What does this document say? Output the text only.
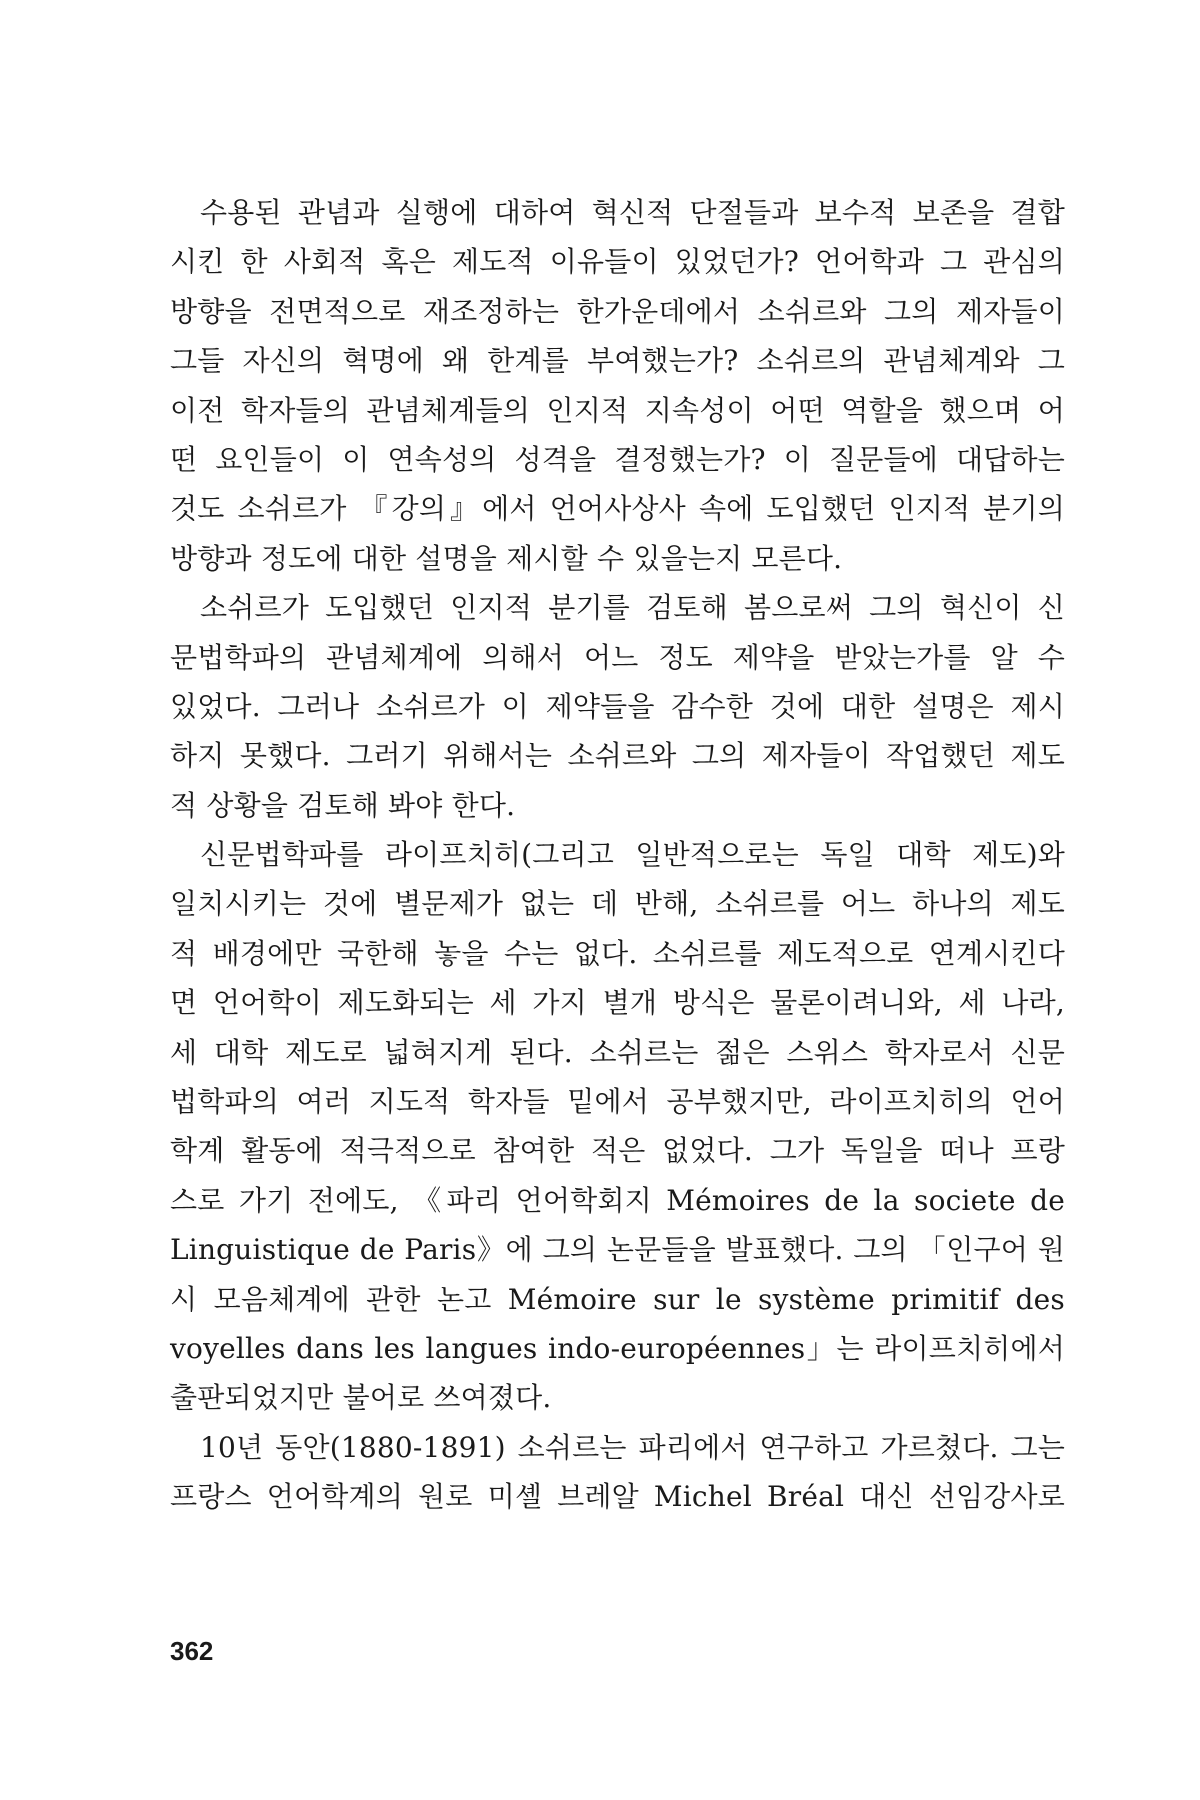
수용된 관념과 실행에 대하여 혁신적 단절들과 보수적 보존을 결합
시킨 한 사회적 혹은 제도적 이유들이 있었던가? 언어학과 그 관심의
방향을 전면적으로 재조정하는 한가운데에서 소쉬르와 그의 제자들이
그들 자신의 혁명에 왜 한계를 부여했는가? 소쉬르의 관념체계와 그
이전 학자들의 관념체계들의 인지적 지속성이 어떤 역할을 했으며 어
떤 요인들이 이 연속성의 성격을 결정했는가? 이 질문들에 대답하는
것도 소쉬르가 『강의』에서 언어사상사 속에 도입했던 인지적 분기의
방향과 정도에 대한 설명을 제시할 수 있을는지 모른다.
소쉬르가 도입했던 인지적 분기를 검토해 봄으로써 그의 혁신이 신
문법학파의 관념체계에 의해서 어느 정도 제약을 받았는가를 알 수
있었다. 그러나 소쉬르가 이 제약들을 감수한 것에 대한 설명은 제시
하지 못했다. 그러기 위해서는 소쉬르와 그의 제자들이 작업했던 제도
적 상황을 검토해 봐야 한다.
신문법학파를 라이프치히(그리고 일반적으로는 독일 대학 제도)와
일치시키는 것에 별문제가 없는 데 반해, 소쉬르를 어느 하나의 제도
적 배경에만 국한해 놓을 수는 없다. 소쉬르를 제도적으로 연계시킨다
면 언어학이 제도화되는 세 가지 별개 방식은 물론이려니와, 세 나라,
세 대학 제도로 넓혀지게 된다. 소쉬르는 젊은 스위스 학자로서 신문
법학파의 여러 지도적 학자들 밑에서 공부했지만, 라이프치히의 언어
학계 활동에 적극적으로 참여한 적은 없었다. 그가 독일을 떠나 프랑
스로 가기 전에도, 《파리 언어학회지 Mémoires de la societe de
Linguistique de Paris》에 그의 논문들을 발표했다. 그의 「인구어 원
시 모음체계에 관한 논고 Mémoire sur le système primitif des
voyelles dans les langues indo-européennes」는 라이프치히에서
출판되었지만 불어로 쓰여졌다.
10년 동안(1880-1891) 소쉬르는 파리에서 연구하고 가르쳤다. 그는
프랑스 언어학계의 원로 미셸 브레알 Michel Bréal 대신 선임강사로
362
